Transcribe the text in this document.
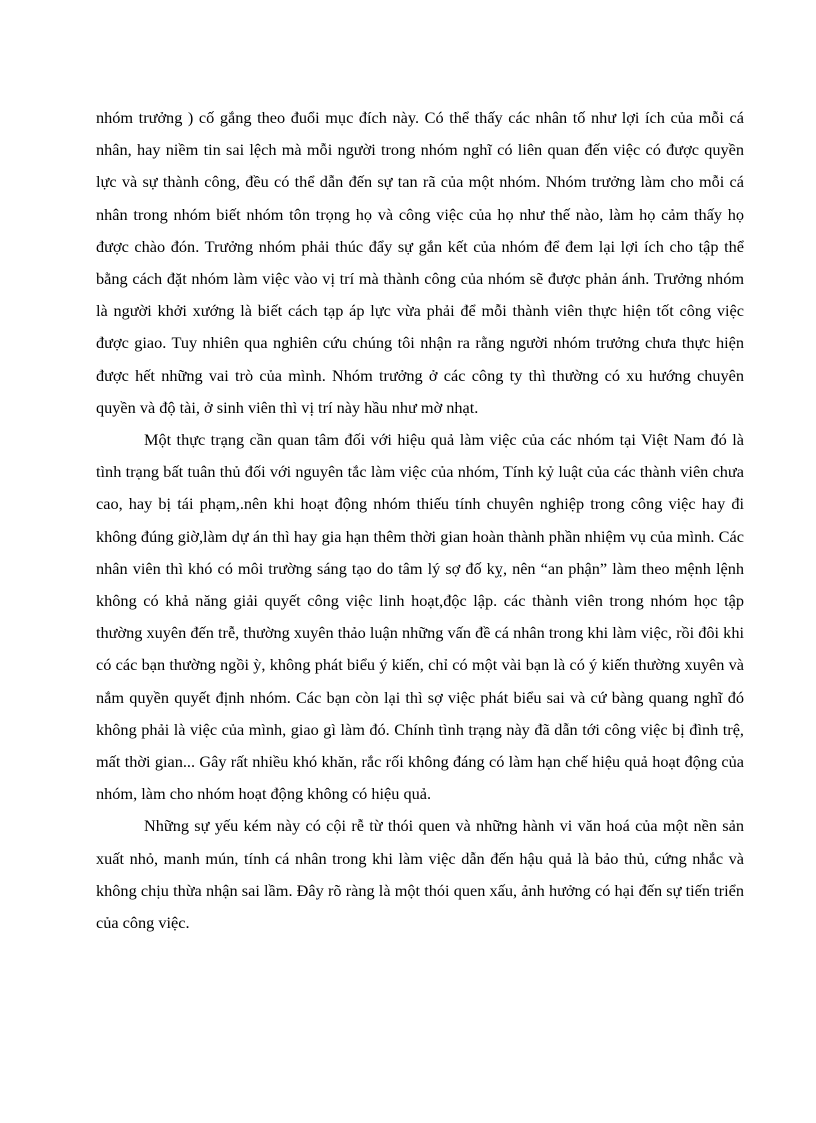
nhóm trưởng ) cố gắng theo đuổi mục đích này. Có thể thấy các nhân tố như lợi ích của mỗi cá nhân, hay niềm tin sai lệch mà mỗi người trong nhóm nghĩ có liên quan đến việc có được quyền lực và sự thành công, đều có thể dẫn đến sự tan rã của một nhóm. Nhóm trưởng làm cho mỗi cá nhân trong nhóm biết nhóm tôn trọng họ và công việc của họ như thế nào, làm họ cảm thấy họ được chào đón. Trưởng nhóm phải thúc đẩy sự gắn kết của nhóm để đem lại lợi ích cho tập thể bằng cách đặt nhóm làm việc vào vị trí mà thành công của nhóm sẽ được phản ánh. Trưởng nhóm là người khởi xướng là biết cách tạp áp lực vừa phải để mỗi thành viên thực hiện tốt công việc được giao. Tuy nhiên qua nghiên cứu chúng tôi nhận ra rằng người nhóm trưởng chưa thực hiện được hết những vai trò của mình. Nhóm trưởng ở các công ty thì thường có xu hướng chuyên quyền và độ tài, ở sinh viên thì vị trí này hầu như mờ nhạt.

Một thực trạng cần quan tâm đối với hiệu quả làm việc của các nhóm tại Việt Nam đó là tình trạng bất tuân thủ đối với nguyên tắc làm việc của nhóm, Tính kỷ luật của các thành viên chưa cao, hay bị tái phạm,.nên khi hoạt động nhóm thiếu tính chuyên nghiệp trong công việc hay đi không đúng giờ,làm dự án thì hay gia hạn thêm thời gian hoàn thành phần nhiệm vụ của mình. Các nhân viên thì khó có môi trường sáng tạo do tâm lý sợ đố kỵ, nên “an phận” làm theo mệnh lệnh không có khả năng giải quyết công việc linh hoạt,độc lập. các thành viên trong nhóm học tập thường xuyên đến trễ, thường xuyên thảo luận những vấn đề cá nhân trong khi làm việc, rồi đôi khi có các bạn thường ngồi ỳ, không phát biểu ý kiến, chỉ có một vài bạn là có ý kiến thường xuyên và nắm quyền quyết định nhóm. Các bạn còn lại thì sợ việc phát biểu sai và cứ bàng quang nghĩ đó không phải là việc của mình, giao gì làm đó. Chính tình trạng này đã dẫn tới công việc bị đình trệ, mất thời gian... Gây rất nhiều khó khăn, rắc rối không đáng có làm hạn chế hiệu quả hoạt động của nhóm, làm cho nhóm hoạt động không có hiệu quả.

Những sự yếu kém này có cội rễ từ thói quen và những hành vi văn hoá của một nền sản xuất nhỏ, manh mún, tính cá nhân trong khi làm việc dẫn đến hậu quả là bảo thủ, cứng nhắc và không chịu thừa nhận sai lầm. Đây rõ ràng là một thói quen xấu, ảnh hưởng có hại đến sự tiến triển của công việc.
